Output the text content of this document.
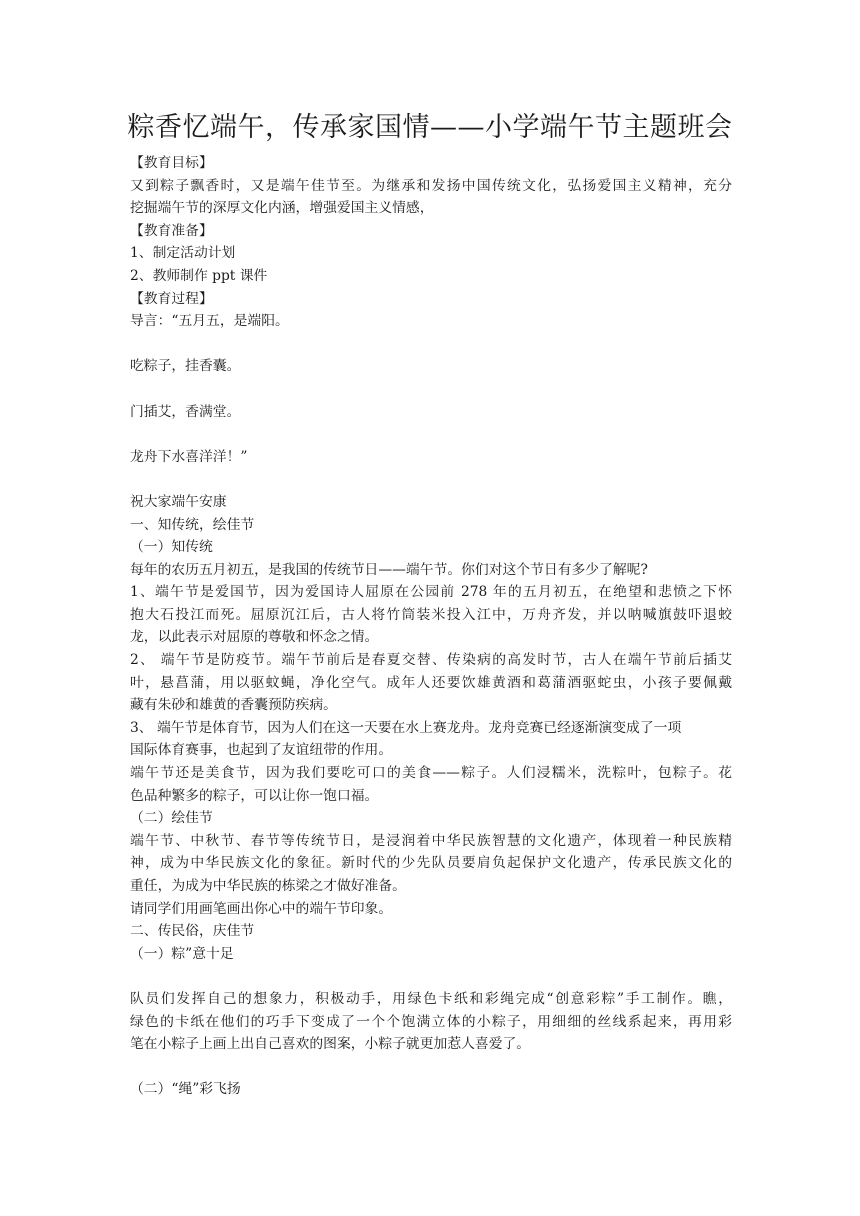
粽香忆端午，传承家国情——小学端午节主题班会
【教育目标】
又到粽子飘香时，又是端午佳节至。为继承和发扬中国传统文化，弘扬爱国主义精神，充分
挖掘端午节的深厚文化内涵，增强爱国主义情感，
【教育准备】
1、制定活动计划
2、教师制作 ppt 课件
【教育过程】
导言：“五月五，是端阳。
吃粽子，挂香囊。
门插艾，香满堂。
龙舟下水喜洋洋！”
祝大家端午安康
一、知传统，绘佳节
（一）知传统
每年的农历五月初五，是我国的传统节日——端午节。你们对这个节日有多少了解呢?
1、端午节是爱国节，因为爱国诗人屈原在公园前 278 年的五月初五，在绝望和悲愤之下怀
抱大石投江而死。屈原沉江后，古人将竹筒装米投入江中，万舟齐发，并以呐喊旗鼓吓退蛟
龙，以此表示对屈原的尊敬和怀念之情。
2、 端午节是防疫节。端午节前后是春夏交替、传染病的高发时节，古人在端午节前后插艾
叶，悬菖蒲，用以驱蚊蝇，净化空气。成年人还要饮雄黄酒和葛蒲酒驱蛇虫，小孩子要佩戴
藏有朱砂和雄黄的香囊预防疾病。
3、 端午节是体育节，因为人们在这一天要在水上赛龙舟。龙舟竞赛已经逐渐演变成了一项
国际体育赛事，也起到了友谊纽带的作用。
端午节还是美食节，因为我们要吃可口的美食——粽子。人们浸糯米，洗粽叶，包粽子。花
色品种繁多的粽子，可以让你一饱口福。
（二）绘佳节
端午节、中秋节、春节等传统节日，是浸润着中华民族智慧的文化遗产，体现着一种民族精
神，成为中华民族文化的象征。新时代的少先队员要肩负起保护文化遗产，传承民族文化的
重任，为成为中华民族的栋梁之才做好准备。
请同学们用画笔画出你心中的端午节印象。
二、传民俗，庆佳节
（一）粽”意十足
队员们发挥自己的想象力，积极动手，用绿色卡纸和彩绳完成“创意彩粽”手工制作。瞧，
绿色的卡纸在他们的巧手下变成了一个个饱满立体的小粽子，用细细的丝线系起来，再用彩
笔在小粽子上画上出自己喜欢的图案，小粽子就更加惹人喜爱了。
（二）“绳”彩飞扬
